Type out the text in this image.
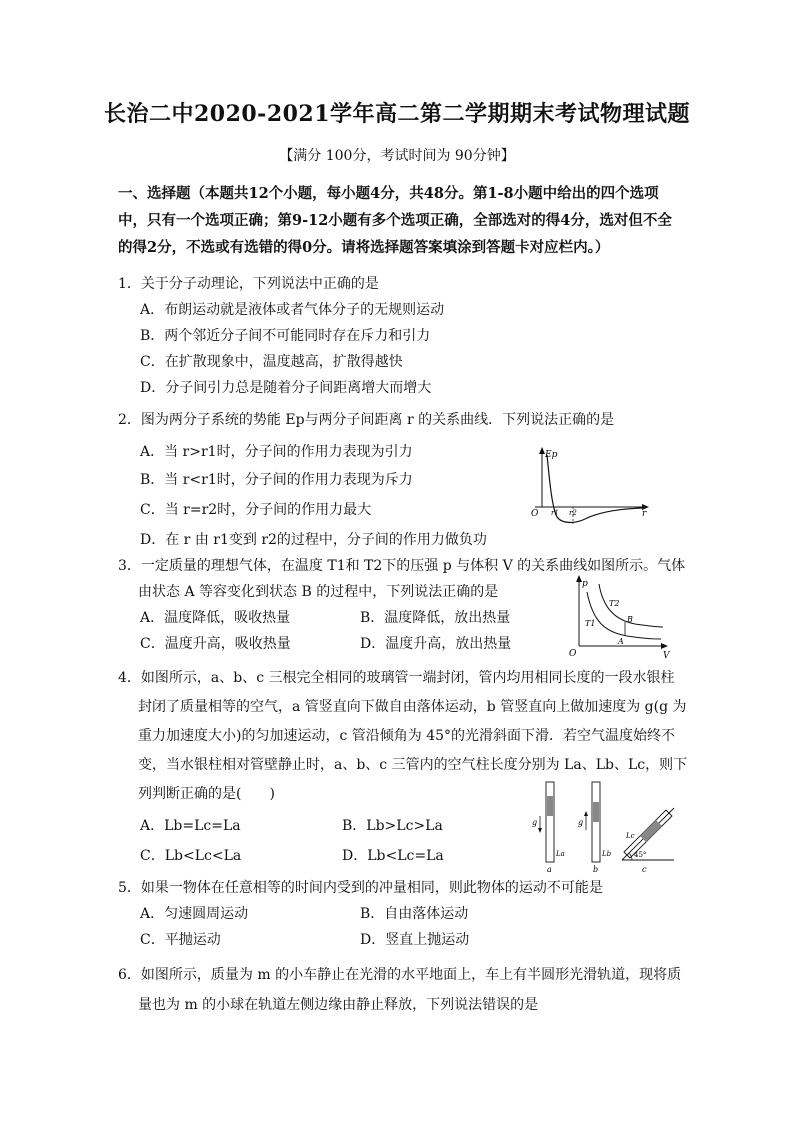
长治二中2020-2021学年高二第二学期期末考试物理试题
【满分 100分，考试时间为 90分钟】
一、选择题（本题共12个小题，每小题4分，共48分。第1-8小题中给出的四个选项中，只有一个选项正确；第9-12小题有多个选项正确，全部选对的得4分，选对但不全的得2分，不选或有选错的得0分。请将选择题答案填涂到答题卡对应栏内。）
1．关于分子动理论，下列说法中正确的是
A．布朗运动就是液体或者气体分子的无规则运动
B．两个邻近分子间不可能同时存在斥力和引力
C．在扩散现象中，温度越高，扩散得越快
D．分子间引力总是随着分子间距离增大而增大
2．图为两分子系统的势能 Ep与两分子间距离 r 的关系曲线．下列说法正确的是
A．当 r>r1时，分子间的作用力表现为引力
B．当 r<r1时，分子间的作用力表现为斥力
C．当 r=r2时，分子间的作用力最大
D．在 r 由 r1变到 r2的过程中，分子间的作用力做负功
Ep
O r1 r2	r
3．一定质量的理想气体，在温度 T1和 T2下的压强 p 与体积 V 的关系曲线如图所示。气体
由状态 A 等容变化到状态 B 的过程中，下列说法正确的是
A．温度降低，吸收热量	B．温度降低，放出热量
C．温度升高，吸收热量	D．温度升高，放出热量
p
O	V
T2
T1	B
A
4．如图所示，a、b、c 三根完全相同的玻璃管一端封闭，管内均用相同长度的一段水银柱
封闭了质量相等的空气，a 管竖直向下做自由落体运动，b 管竖直向上做加速度为 g(g 为
重力加速度大小)的匀加速运动，c 管沿倾角为 45°的光滑斜面下滑．若空气温度始终不
变，当水银柱相对管壁静止时，a、b、c 三管内的空气柱长度分别为 La、Lb、Lc，则下
列判断正确的是(　　)
A．Lb=Lc=La	B．Lb>Lc>La
C．Lb<Lc<La	D．Lb<Lc=La
g
La
a
g
Lb
b
45°
Lc
c
5．如果一物体在任意相等的时间内受到的冲量相同，则此物体的运动不可能是
A．匀速圆周运动	B．自由落体运动
C．平抛运动	D．竖直上抛运动
6．如图所示，质量为 m 的小车静止在光滑的水平地面上，车上有半圆形光滑轨道，现将质
量也为 m 的小球在轨道左侧边缘由静止释放，下列说法错误的是
